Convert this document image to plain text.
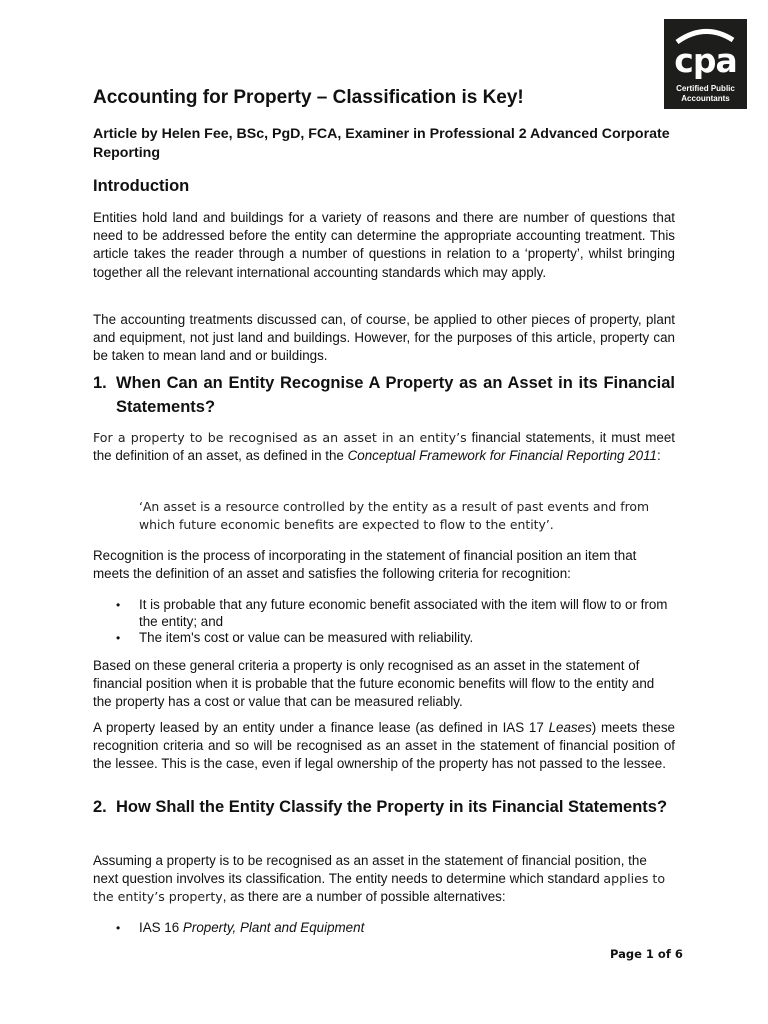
cpa
Certified Public
Accountants
Accounting for Property – Classification is Key!

Article by Helen Fee, BSc, PgD, FCA, Examiner in Professional 2 Advanced Corporate Reporting

Introduction

Entities hold land and buildings for a variety of reasons and there are number of questions that need to be addressed before the entity can determine the appropriate accounting treatment. This article takes the reader through a number of questions in relation to a ‘property’, whilst bringing together all the relevant international accounting standards which may apply.

The accounting treatments discussed can, of course, be applied to other pieces of property, plant and equipment, not just land and buildings. However, for the purposes of this article, property can be taken to mean land and or buildings.

1. When Can an Entity Recognise A Property as an Asset in its Financial Statements?

For a property to be recognised as an asset in an entity’s financial statements, it must meet the definition of an asset, as defined in the Conceptual Framework for Financial Reporting 2011:

‘An asset is a resource controlled by the entity as a result of past events and from which future economic benefits are expected to flow to the entity’.

Recognition is the process of incorporating in the statement of financial position an item that meets the definition of an asset and satisfies the following criteria for recognition:

• It is probable that any future economic benefit associated with the item will flow to or from the entity; and
• The item's cost or value can be measured with reliability.

Based on these general criteria a property is only recognised as an asset in the statement of financial position when it is probable that the future economic benefits will flow to the entity and the property has a cost or value that can be measured reliably.

A property leased by an entity under a finance lease (as defined in IAS 17 Leases) meets these recognition criteria and so will be recognised as an asset in the statement of financial position of the lessee. This is the case, even if legal ownership of the property has not passed to the lessee.

2. How Shall the Entity Classify the Property in its Financial Statements?

Assuming a property is to be recognised as an asset in the statement of financial position, the next question involves its classification. The entity needs to determine which standard applies to the entity’s property, as there are a number of possible alternatives:

• IAS 16 Property, Plant and Equipment

Page 1 of 6
